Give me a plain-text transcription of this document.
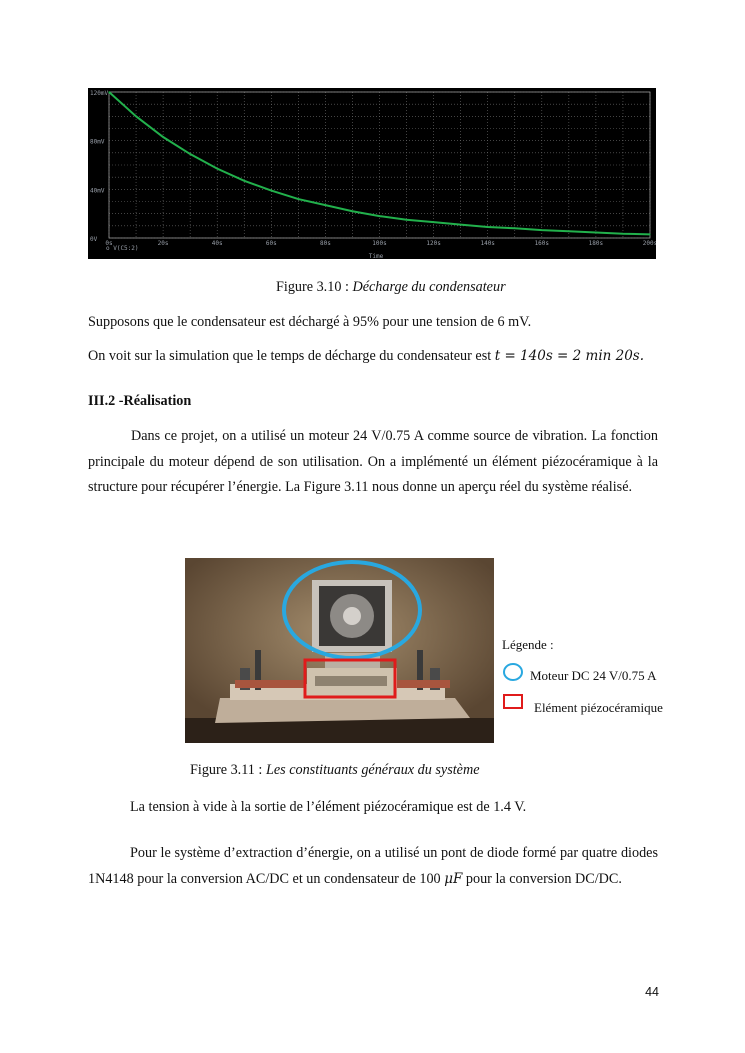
0s	20s	40s	60s	80s	100s	120s	140s	160s	180s	200s
0V
40mV
80mV
120mV
Time
o V(C5:2)
Figure 3.10 : Décharge du condensateur
Supposons que le condensateur est déchargé à 95% pour une tension de 6 mV.
On voit sur la simulation que le temps de décharge du condensateur est t = 140s = 2 min 20s.
III.2 -Réalisation
Dans ce projet, on a utilisé un moteur 24 V/0.75 A comme source de vibration. La fonction principale du moteur dépend de son utilisation. On a implémenté un élément piézocéramique à la structure pour récupérer l’énergie. La Figure 3.11 nous donne un aperçu réel du système réalisé.
Légende :
Moteur DC 24 V/0.75 A
Elément piézocéramique
Figure 3.11 : Les constituants généraux du système
La tension à vide à la sortie de l’élément piézocéramique est de 1.4 V.
Pour le système d’extraction d’énergie, on a utilisé un pont de diode formé par quatre diodes 1N4148 pour la conversion AC/DC et un condensateur de 100 μF pour la conversion DC/DC.
44
